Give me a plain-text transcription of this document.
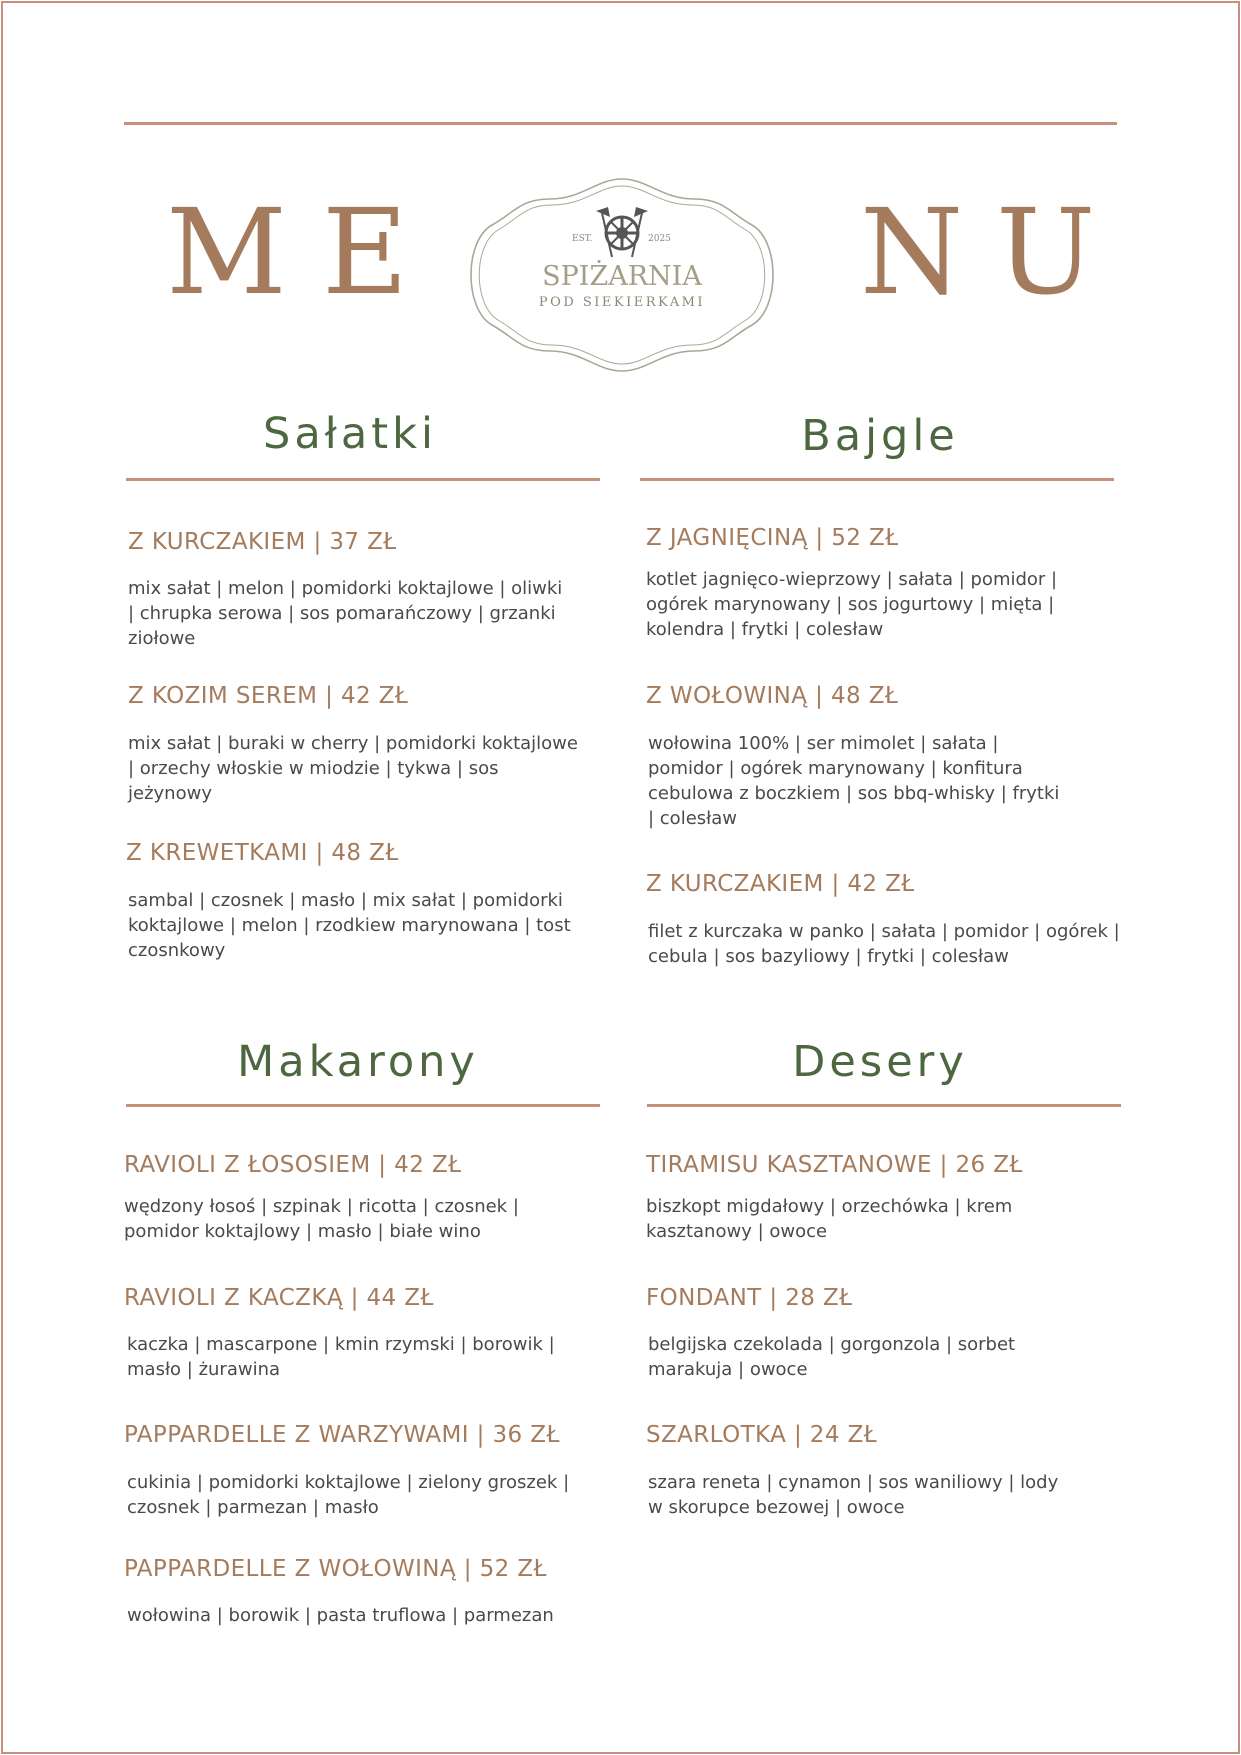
M E	N U
EST.	2025
SPIŻARNIA
POD SIEKIERKAMI
Sałatki
Z KURCZAKIEM | 37 ZŁ
mix sałat | melon | pomidorki koktajlowe | oliwki | chrupka serowa | sos pomarańczowy | grzanki ziołowe
Z KOZIM SEREM | 42 ZŁ
mix sałat | buraki w cherry | pomidorki koktajlowe | orzechy włoskie w miodzie | tykwa | sos jeżynowy
Z KREWETKAMI | 48 ZŁ
sambal | czosnek | masło | mix sałat | pomidorki koktajlowe | melon | rzodkiew marynowana | tost czosnkowy
Bajgle
Z JAGNIĘCINĄ | 52 ZŁ
kotlet jagnięco-wieprzowy | sałata | pomidor | ogórek marynowany | sos jogurtowy | mięta | kolendra | frytki | colesław
Z WOŁOWINĄ | 48 ZŁ
wołowina 100% | ser mimolet | sałata | pomidor | ogórek marynowany | konfitura cebulowa z boczkiem | sos bbq-whisky | frytki | colesław
Z KURCZAKIEM | 42 ZŁ
filet z kurczaka w panko | sałata | pomidor | ogórek | cebula | sos bazyliowy | frytki | colesław
Makarony
RAVIOLI Z ŁOSOSIEM | 42 ZŁ
wędzony łosoś | szpinak | ricotta | czosnek | pomidor koktajlowy | masło | białe wino
RAVIOLI Z KACZKĄ | 44 ZŁ
kaczka | mascarpone | kmin rzymski | borowik | masło | żurawina
PAPPARDELLE Z WARZYWAMI | 36 ZŁ
cukinia | pomidorki koktajlowe | zielony groszek | czosnek | parmezan | masło
PAPPARDELLE Z WOŁOWINĄ | 52 ZŁ
wołowina | borowik | pasta truflowa | parmezan
Desery
TIRAMISU KASZTANOWE | 26 ZŁ
biszkopt migdałowy | orzechówka | krem kasztanowy | owoce
FONDANT | 28 ZŁ
belgijska czekolada | gorgonzola | sorbet marakuja | owoce
SZARLOTKA | 24 ZŁ
szara reneta | cynamon | sos waniliowy | lody w skorupce bezowej | owoce
